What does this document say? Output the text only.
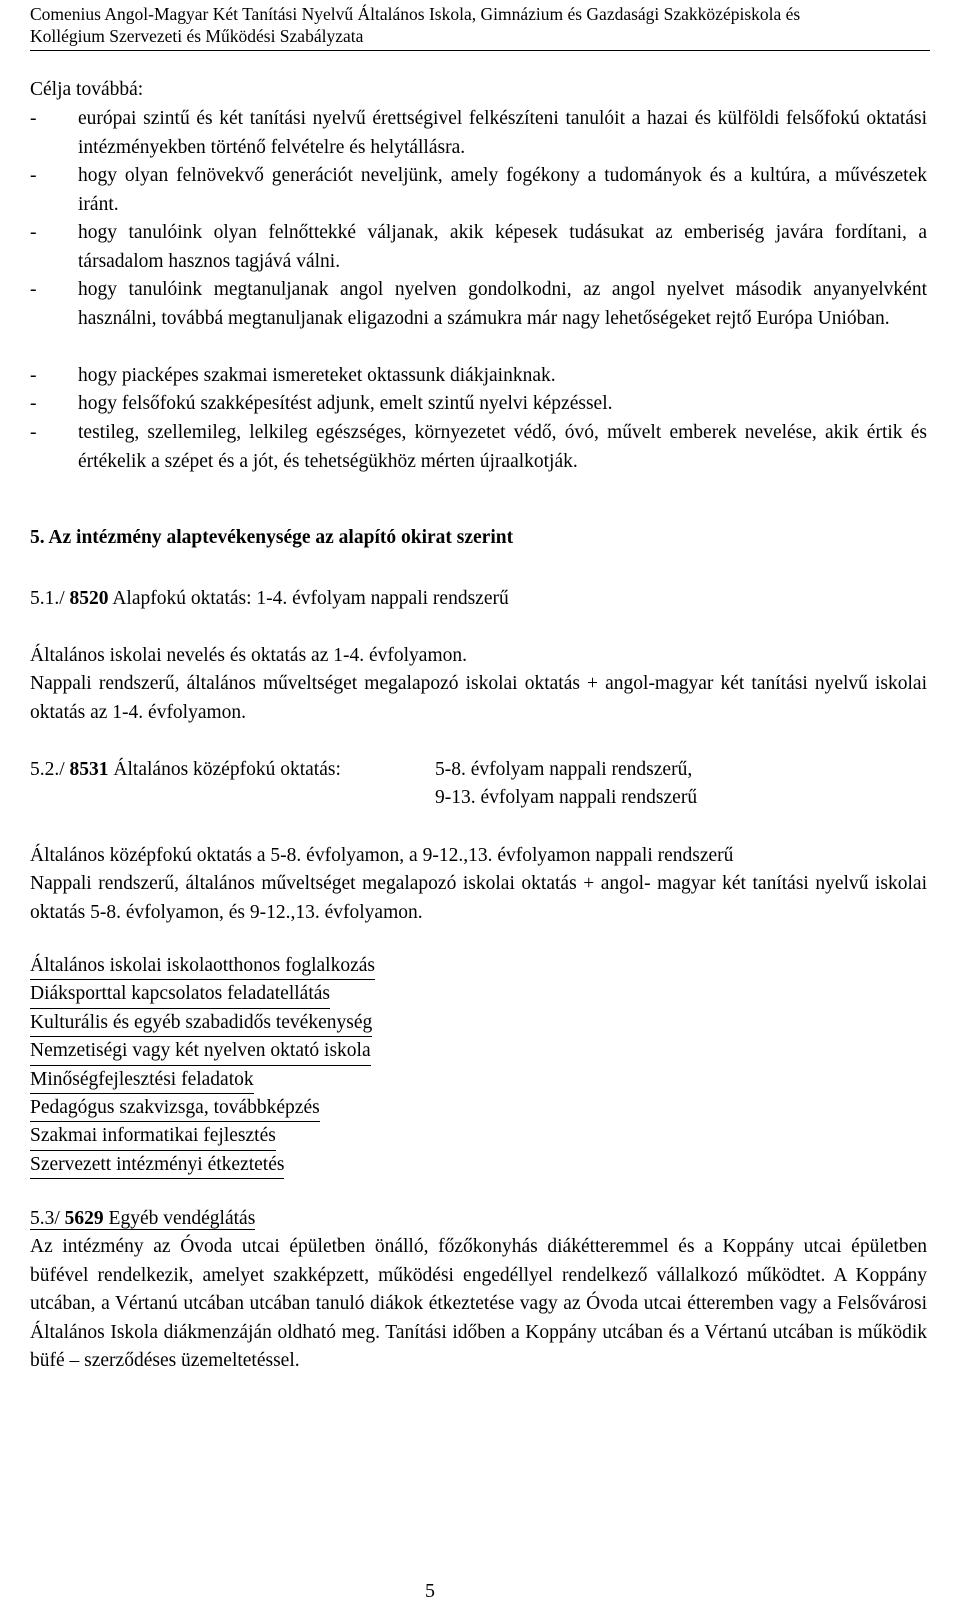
Comenius Angol-Magyar Két Tanítási Nyelvű Általános Iskola, Gimnázium és Gazdasági Szakközépiskola és
Kollégium Szervezeti és Működési Szabályzata
Célja továbbá:
-	európai szintű és két tanítási nyelvű érettségivel felkészíteni tanulóit a hazai és külföldi felsőfokú oktatási intézményekben történő felvételre és helytállásra.
-	hogy olyan felnövekvő generációt neveljünk, amely fogékony a tudományok és a kultúra, a művészetek iránt.
-	hogy tanulóink olyan felnőttekké váljanak, akik képesek tudásukat az emberiség javára fordítani, a társadalom hasznos tagjává válni.
-	hogy tanulóink megtanuljanak angol nyelven gondolkodni, az angol nyelvet második anyanyelvként használni, továbbá megtanuljanak eligazodni a számukra már nagy lehetőségeket rejtő Európa Unióban.
-	hogy piacképes szakmai ismereteket oktassunk diákjainknak.
-	hogy felsőfokú szakképesítést adjunk, emelt szintű nyelvi képzéssel.
-	testileg, szellemileg, lelkileg egészséges, környezetet védő, óvó, művelt emberek nevelése, akik értik és értékelik a szépet és a jót, és tehetségükhöz mérten újraalkotják.
5. Az intézmény alaptevékenysége az alapító okirat szerint
5.1./ 8520 Alapfokú oktatás: 1-4. évfolyam nappali rendszerű
Általános iskolai nevelés és oktatás az 1-4. évfolyamon.
Nappali rendszerű, általános műveltséget megalapozó iskolai oktatás + angol-magyar két tanítási nyelvű iskolai oktatás az 1-4. évfolyamon.
5.2./ 8531 Általános középfokú oktatás:	5-8. évfolyam nappali rendszerű,
9-13. évfolyam nappali rendszerű
Általános középfokú oktatás a 5-8. évfolyamon, a 9-12.,13. évfolyamon nappali rendszerű
Nappali rendszerű, általános műveltséget megalapozó iskolai oktatás + angol- magyar két tanítási nyelvű iskolai oktatás 5-8. évfolyamon, és 9-12.,13. évfolyamon.
Általános iskolai iskolaotthonos foglalkozás
Diáksporttal kapcsolatos feladatellátás
Kulturális és egyéb szabadidős tevékenység
Nemzetiségi vagy két nyelven oktató iskola
Minőségfejlesztési feladatok
Pedagógus szakvizsga, továbbképzés
Szakmai informatikai fejlesztés
Szervezett intézményi étkeztetés
5.3/ 5629 Egyéb vendéglátás
Az intézmény az Óvoda utcai épületben önálló, főzőkonyhás diákétteremmel és a Koppány utcai épületben büfével rendelkezik, amelyet szakképzett, működési engedéllyel rendelkező vállalkozó működtet. A Koppány utcában, a Vértanú utcában utcában tanuló diákok étkeztetése vagy az Óvoda utcai étteremben vagy a Felsővárosi Általános Iskola diákmenzáján oldható meg. Tanítási időben a Koppány utcában és a Vértanú utcában is működik büfé – szerződéses üzemeltetéssel.
5
